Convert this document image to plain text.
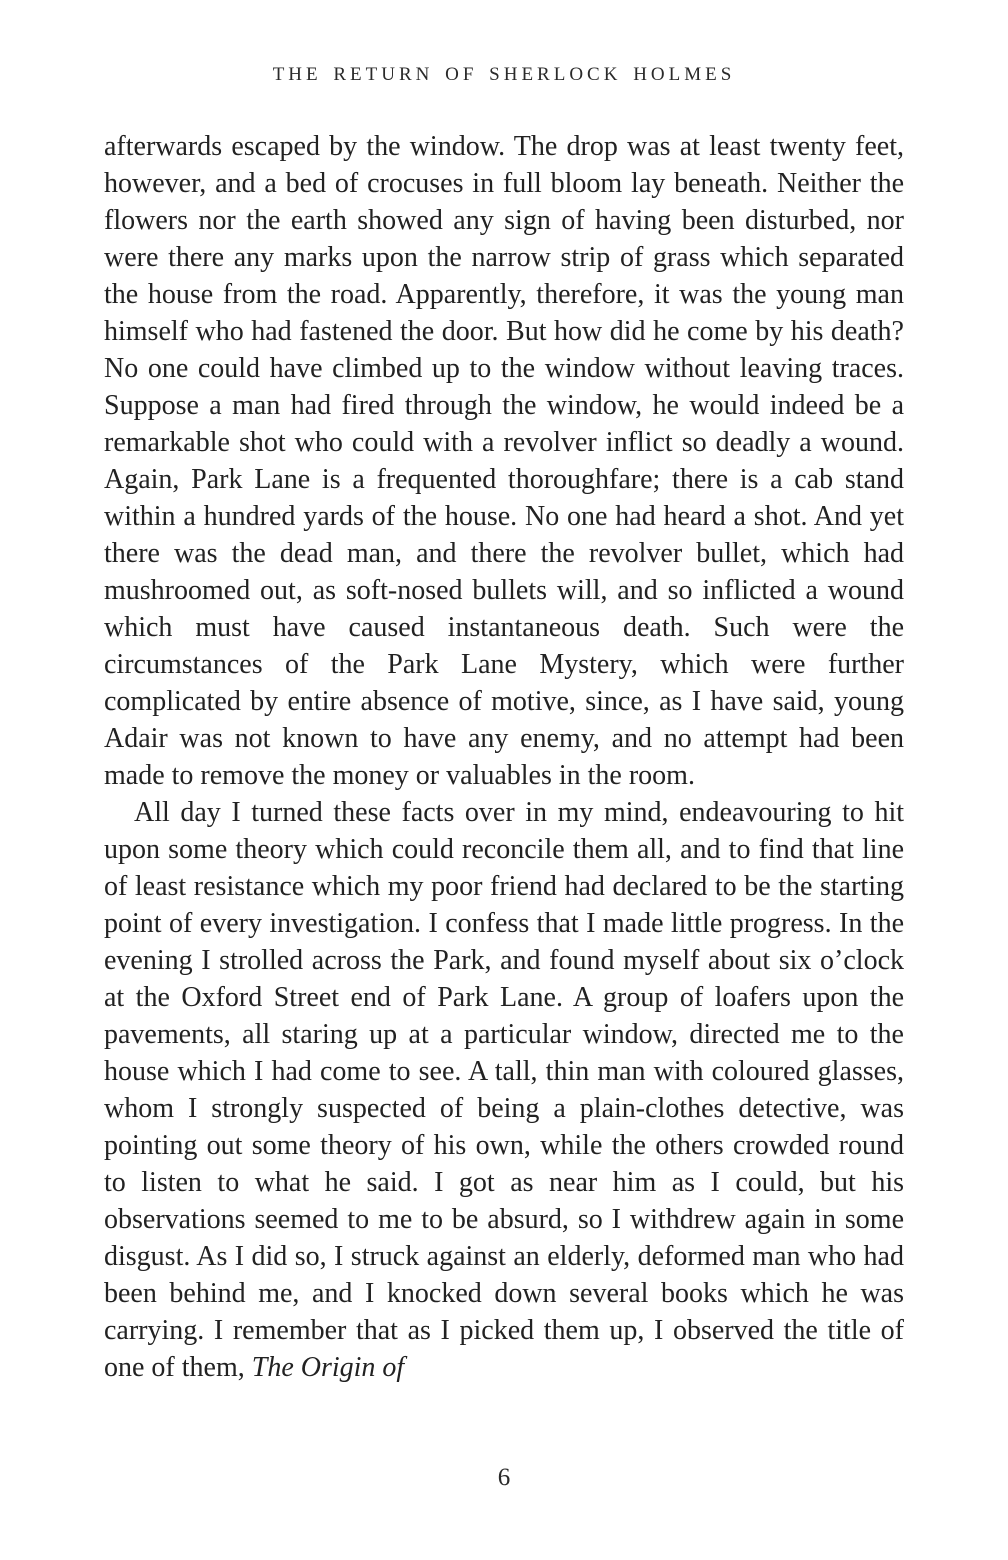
THE RETURN OF SHERLOCK HOLMES

afterwards escaped by the window. The drop was at least twenty feet, however, and a bed of crocuses in full bloom lay beneath. Neither the flowers nor the earth showed any sign of having been disturbed, nor were there any marks upon the narrow strip of grass which separated the house from the road. Apparently, therefore, it was the young man himself who had fastened the door. But how did he come by his death? No one could have climbed up to the window without leaving traces. Suppose a man had fired through the window, he would indeed be a remarkable shot who could with a revolver inflict so deadly a wound. Again, Park Lane is a frequented thoroughfare; there is a cab stand within a hundred yards of the house. No one had heard a shot. And yet there was the dead man, and there the revolver bullet, which had mushroomed out, as soft-nosed bullets will, and so inflicted a wound which must have caused instantaneous death. Such were the circumstances of the Park Lane Mystery, which were further complicated by entire absence of motive, since, as I have said, young Adair was not known to have any enemy, and no attempt had been made to remove the money or valuables in the room.

All day I turned these facts over in my mind, endeavouring to hit upon some theory which could reconcile them all, and to find that line of least resistance which my poor friend had declared to be the starting point of every investigation. I confess that I made little progress. In the evening I strolled across the Park, and found myself about six o’clock at the Oxford Street end of Park Lane. A group of loafers upon the pavements, all staring up at a particular window, directed me to the house which I had come to see. A tall, thin man with coloured glasses, whom I strongly suspected of being a plain-clothes detective, was pointing out some theory of his own, while the others crowded round to listen to what he said. I got as near him as I could, but his observations seemed to me to be absurd, so I withdrew again in some disgust. As I did so, I struck against an elderly, deformed man who had been behind me, and I knocked down several books which he was carrying. I remember that as I picked them up, I observed the title of one of them, The Origin of

6
